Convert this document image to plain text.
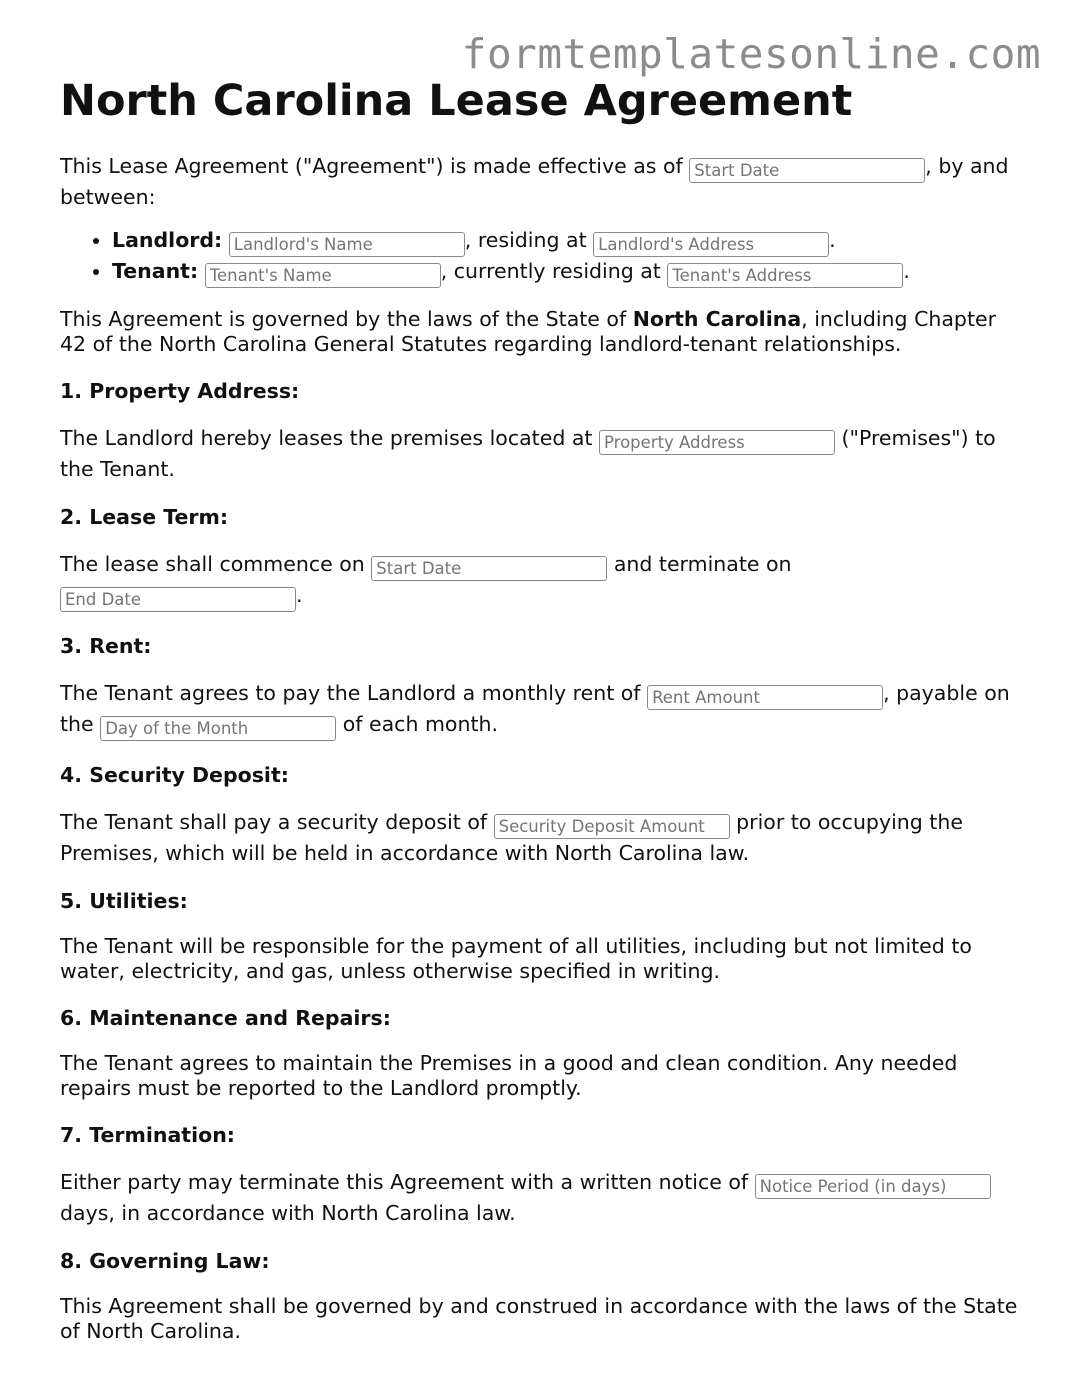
formtemplatesonline.com
North Carolina Lease Agreement

This Lease Agreement ("Agreement") is made effective as of Start Date	, by and between:

• Landlord: Landlord's Name	, residing at Landlord's Address	.
• Tenant: Tenant's Name	, currently residing at Tenant's Address	.

This Agreement is governed by the laws of the State of North Carolina, including Chapter 42 of the North Carolina General Statutes regarding landlord-tenant relationships.

1. Property Address:

The Landlord hereby leases the premises located at Property Address	("Premises") to the Tenant.

2. Lease Term:

The lease shall commence on Start Date	and terminate on
End Date.

3. Rent:

The Tenant agrees to pay the Landlord a monthly rent of Rent Amount	, payable on the Day of the Month	of each month.

4. Security Deposit:

The Tenant shall pay a security deposit of Security Deposit Amount	prior to occupying the Premises, which will be held in accordance with North Carolina law.

5. Utilities:

The Tenant will be responsible for the payment of all utilities, including but not limited to water, electricity, and gas, unless otherwise specified in writing.

6. Maintenance and Repairs:

The Tenant agrees to maintain the Premises in a good and clean condition. Any needed repairs must be reported to the Landlord promptly.

7. Termination:

Either party may terminate this Agreement with a written notice of Notice Period (in days) days, in accordance with North Carolina law.

8. Governing Law:

This Agreement shall be governed by and construed in accordance with the laws of the State of North Carolina.
